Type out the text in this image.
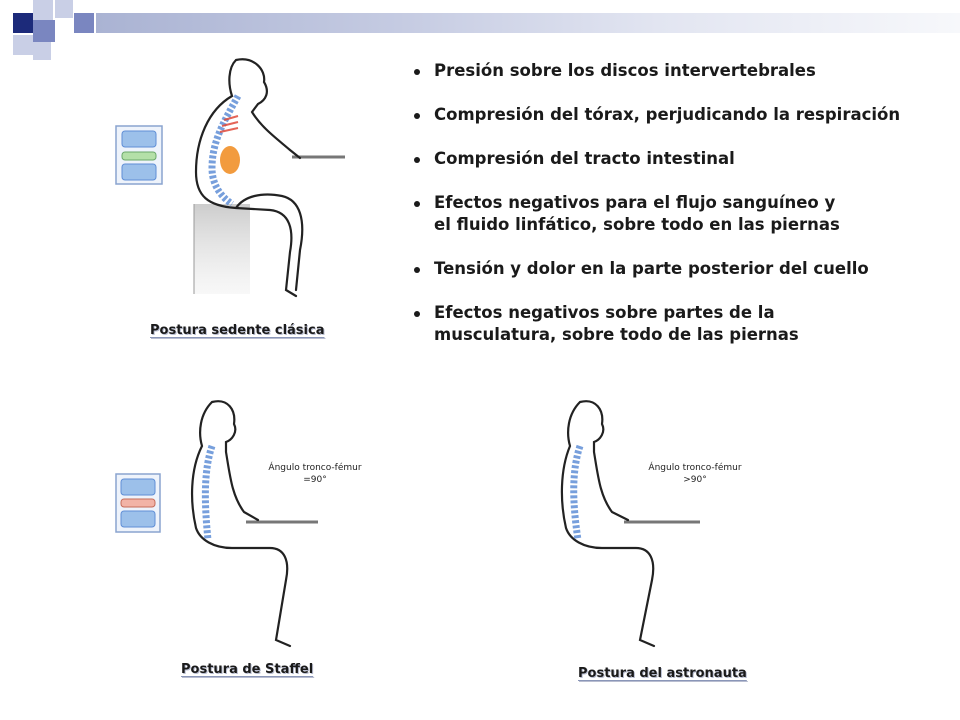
Presión sobre los discos intervertebrales
Compresión del tórax, perjudicando la respiración
Compresión del tracto intestinal
Efectos negativos para el flujo sanguíneo y el fluido linfático, sobre todo en las piernas
Tensión y dolor en la parte posterior del cuello
Efectos negativos sobre partes de la musculatura, sobre todo de las piernas
Ángulo tronco-fémur
=90°
Ángulo tronco-fémur
>90°
Postura sedente clásica
Postura de Staffel	Postura del astronauta
